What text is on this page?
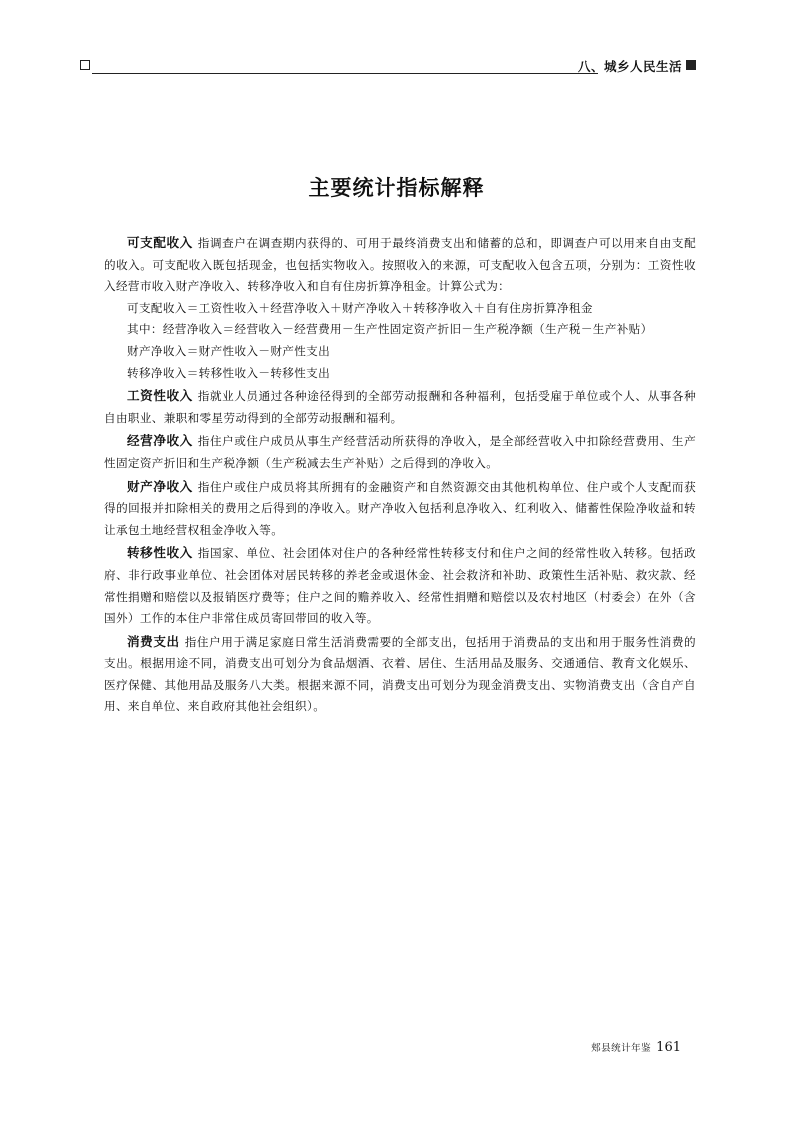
八、城乡人民生活
主要统计指标解释

可支配收入 指调查户在调查期内获得的、可用于最终消费支出和储蓄的总和，即调查户可以用来自由支配的收入。可支配收入既包括现金，也包括实物收入。按照收入的来源，可支配收入包含五项，分别为：工资性收入经营市收入财产净收入、转移净收入和自有住房折算净租金。计算公式为：

可支配收入＝工资性收入＋经营净收入＋财产净收入＋转移净收入＋自有住房折算净租金

其中：经营净收入＝经营收入－经营费用－生产性固定资产折旧－生产税净额（生产税－生产补贴）

财产净收入＝财产性收入－财产性支出

转移净收入＝转移性收入－转移性支出

工资性收入 指就业人员通过各种途径得到的全部劳动报酬和各种福利，包括受雇于单位或个人、从事各种自由职业、兼职和零星劳动得到的全部劳动报酬和福利。

经营净收入 指住户或住户成员从事生产经营活动所获得的净收入，是全部经营收入中扣除经营费用、生产性固定资产折旧和生产税净额（生产税减去生产补贴）之后得到的净收入。

财产净收入 指住户或住户成员将其所拥有的金融资产和自然资源交由其他机构单位、住户或个人支配而获得的回报并扣除相关的费用之后得到的净收入。财产净收入包括利息净收入、红利收入、储蓄性保险净收益和转让承包土地经营权租金净收入等。

转移性收入 指国家、单位、社会团体对住户的各种经常性转移支付和住户之间的经常性收入转移。包括政府、非行政事业单位、社会团体对居民转移的养老金或退休金、社会救济和补助、政策性生活补贴、救灾款、经常性捐赠和赔偿以及报销医疗费等；住户之间的赡养收入、经常性捐赠和赔偿以及农村地区（村委会）在外（含国外）工作的本住户非常住成员寄回带回的收入等。

消费支出 指住户用于满足家庭日常生活消费需要的全部支出，包括用于消费品的支出和用于服务性消费的支出。根据用途不同，消费支出可划分为食品烟酒、衣着、居住、生活用品及服务、交通通信、教育文化娱乐、医疗保健、其他用品及服务八大类。根据来源不同，消费支出可划分为现金消费支出、实物消费支出（含自产自用、来自单位、来自政府其他社会组织）。

郏县统计年鉴 161
